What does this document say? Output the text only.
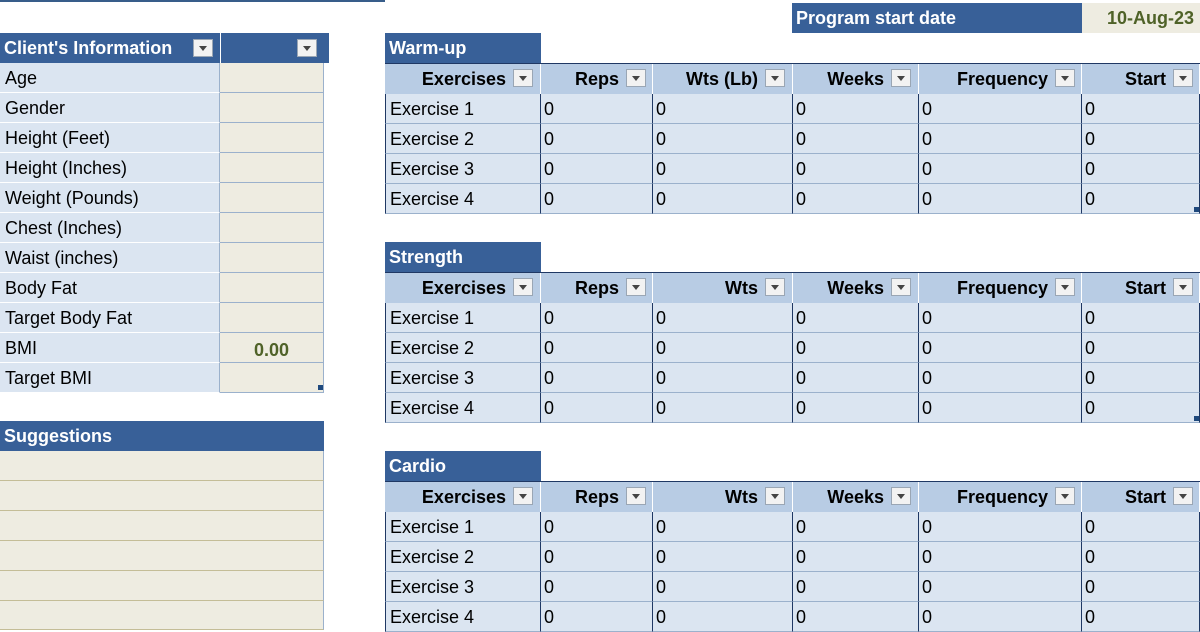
Program start date	10-Aug-23
Client's Information
Age
Gender
Height (Feet)
Height (Inches)
Weight (Pounds)
Chest (Inches)
Waist (inches)
Body Fat
Target Body Fat
BMI	0.00
Target BMI
Suggestions
Warm-up
Exercises	Reps	Wts (Lb)	Weeks	Frequency	Start
Exercise 1	0	0	0	0	0
Exercise 2	0	0	0	0	0
Exercise 3	0	0	0	0	0
Exercise 4	0	0	0	0	0
Strength
Exercises	Reps	Wts	Weeks	Frequency	Start
Exercise 1	0	0	0	0	0
Exercise 2	0	0	0	0	0
Exercise 3	0	0	0	0	0
Exercise 4	0	0	0	0	0
Cardio
Exercises	Reps	Wts	Weeks	Frequency	Start
Exercise 1	0	0	0	0	0
Exercise 2	0	0	0	0	0
Exercise 3	0	0	0	0	0
Exercise 4	0	0	0	0	0
